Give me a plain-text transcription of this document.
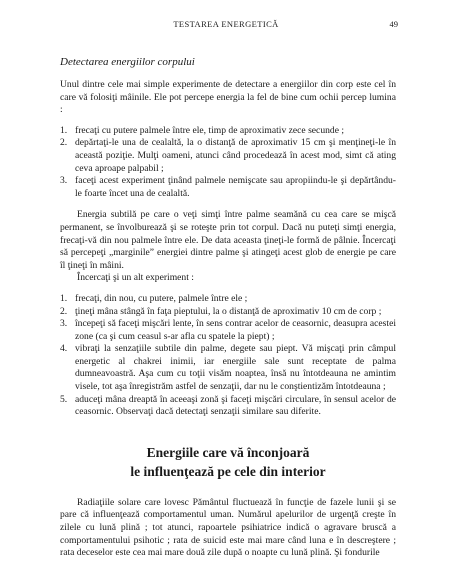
TESTAREA ENERGETICĂ	49
Detectarea energiilor corpului

Unul dintre cele mai simple experimente de detectare a energiilor din corp este cel în care vă folosiţi mâinile. Ele pot percepe energia la fel de bine cum ochii percep lumina :

1. frecaţi cu putere palmele între ele, timp de aproximativ zece secunde ;
2. depărtaţi-le una de cealaltă, la o distanţă de aproximativ 15 cm şi menţineţi-le în această poziţie. Mulţi oameni, atunci când procedează în acest mod, simt că ating ceva aproape palpabil ;
3. faceţi acest experiment ţinând palmele nemişcate sau apropiindu-le şi depărtându-le foarte încet una de cealaltă.

Energia subtilă pe care o veţi simţi între palme seamănă cu cea care se mişcă permanent, se învolburează şi se roteşte prin tot corpul. Dacă nu puteţi simţi energia, frecaţi-vă din nou palmele între ele. De data aceasta ţineţi-le formă de pâlnie. Încercaţi să percepeţi „marginile” energiei dintre palme şi atingeţi acest glob de energie pe care îl ţineţi în mâini.

Încercaţi şi un alt experiment :

1. frecaţi, din nou, cu putere, palmele între ele ;
2. ţineţi mâna stângă în faţa pieptului, la o distanţă de aproximativ 10 cm de corp ;
3. începeţi să faceţi mişcări lente, în sens contrar acelor de ceasornic, deasupra acestei zone (ca şi cum ceasul s-ar afla cu spatele la piept) ;
4. vibraţi la senzaţiile subtile din palme, degete sau piept. Vă mişcaţi prin câmpul energetic al chakrei inimii, iar energiile sale sunt receptate de palma dumneavoastră. Aşa cum cu toţii visăm noaptea, însă nu întotdeauna ne amintim visele, tot aşa înregistrăm astfel de senzaţii, dar nu le conştientizăm întotdeauna ;
5. aduceţi mâna dreaptă în aceeaşi zonă şi faceţi mişcări circulare, în sensul acelor de ceasornic. Observaţi dacă detectaţi senzaţii similare sau diferite.
Energiile care vă înconjoară
le influenţează pe cele din interior

Radiaţiile solare care lovesc Pământul fluctuează în funcţie de fazele lunii şi se pare că influenţează comportamentul uman. Numărul apelurilor de urgenţă creşte în zilele cu lună plină ; tot atunci, rapoartele psihiatrice indică o agravare bruscă a comportamentului psihotic ; rata de suicid este mai mare când luna e în descreştere ; rata deceselor este cea mai mare două zile după o noapte cu lună plină. Şi fondurile
